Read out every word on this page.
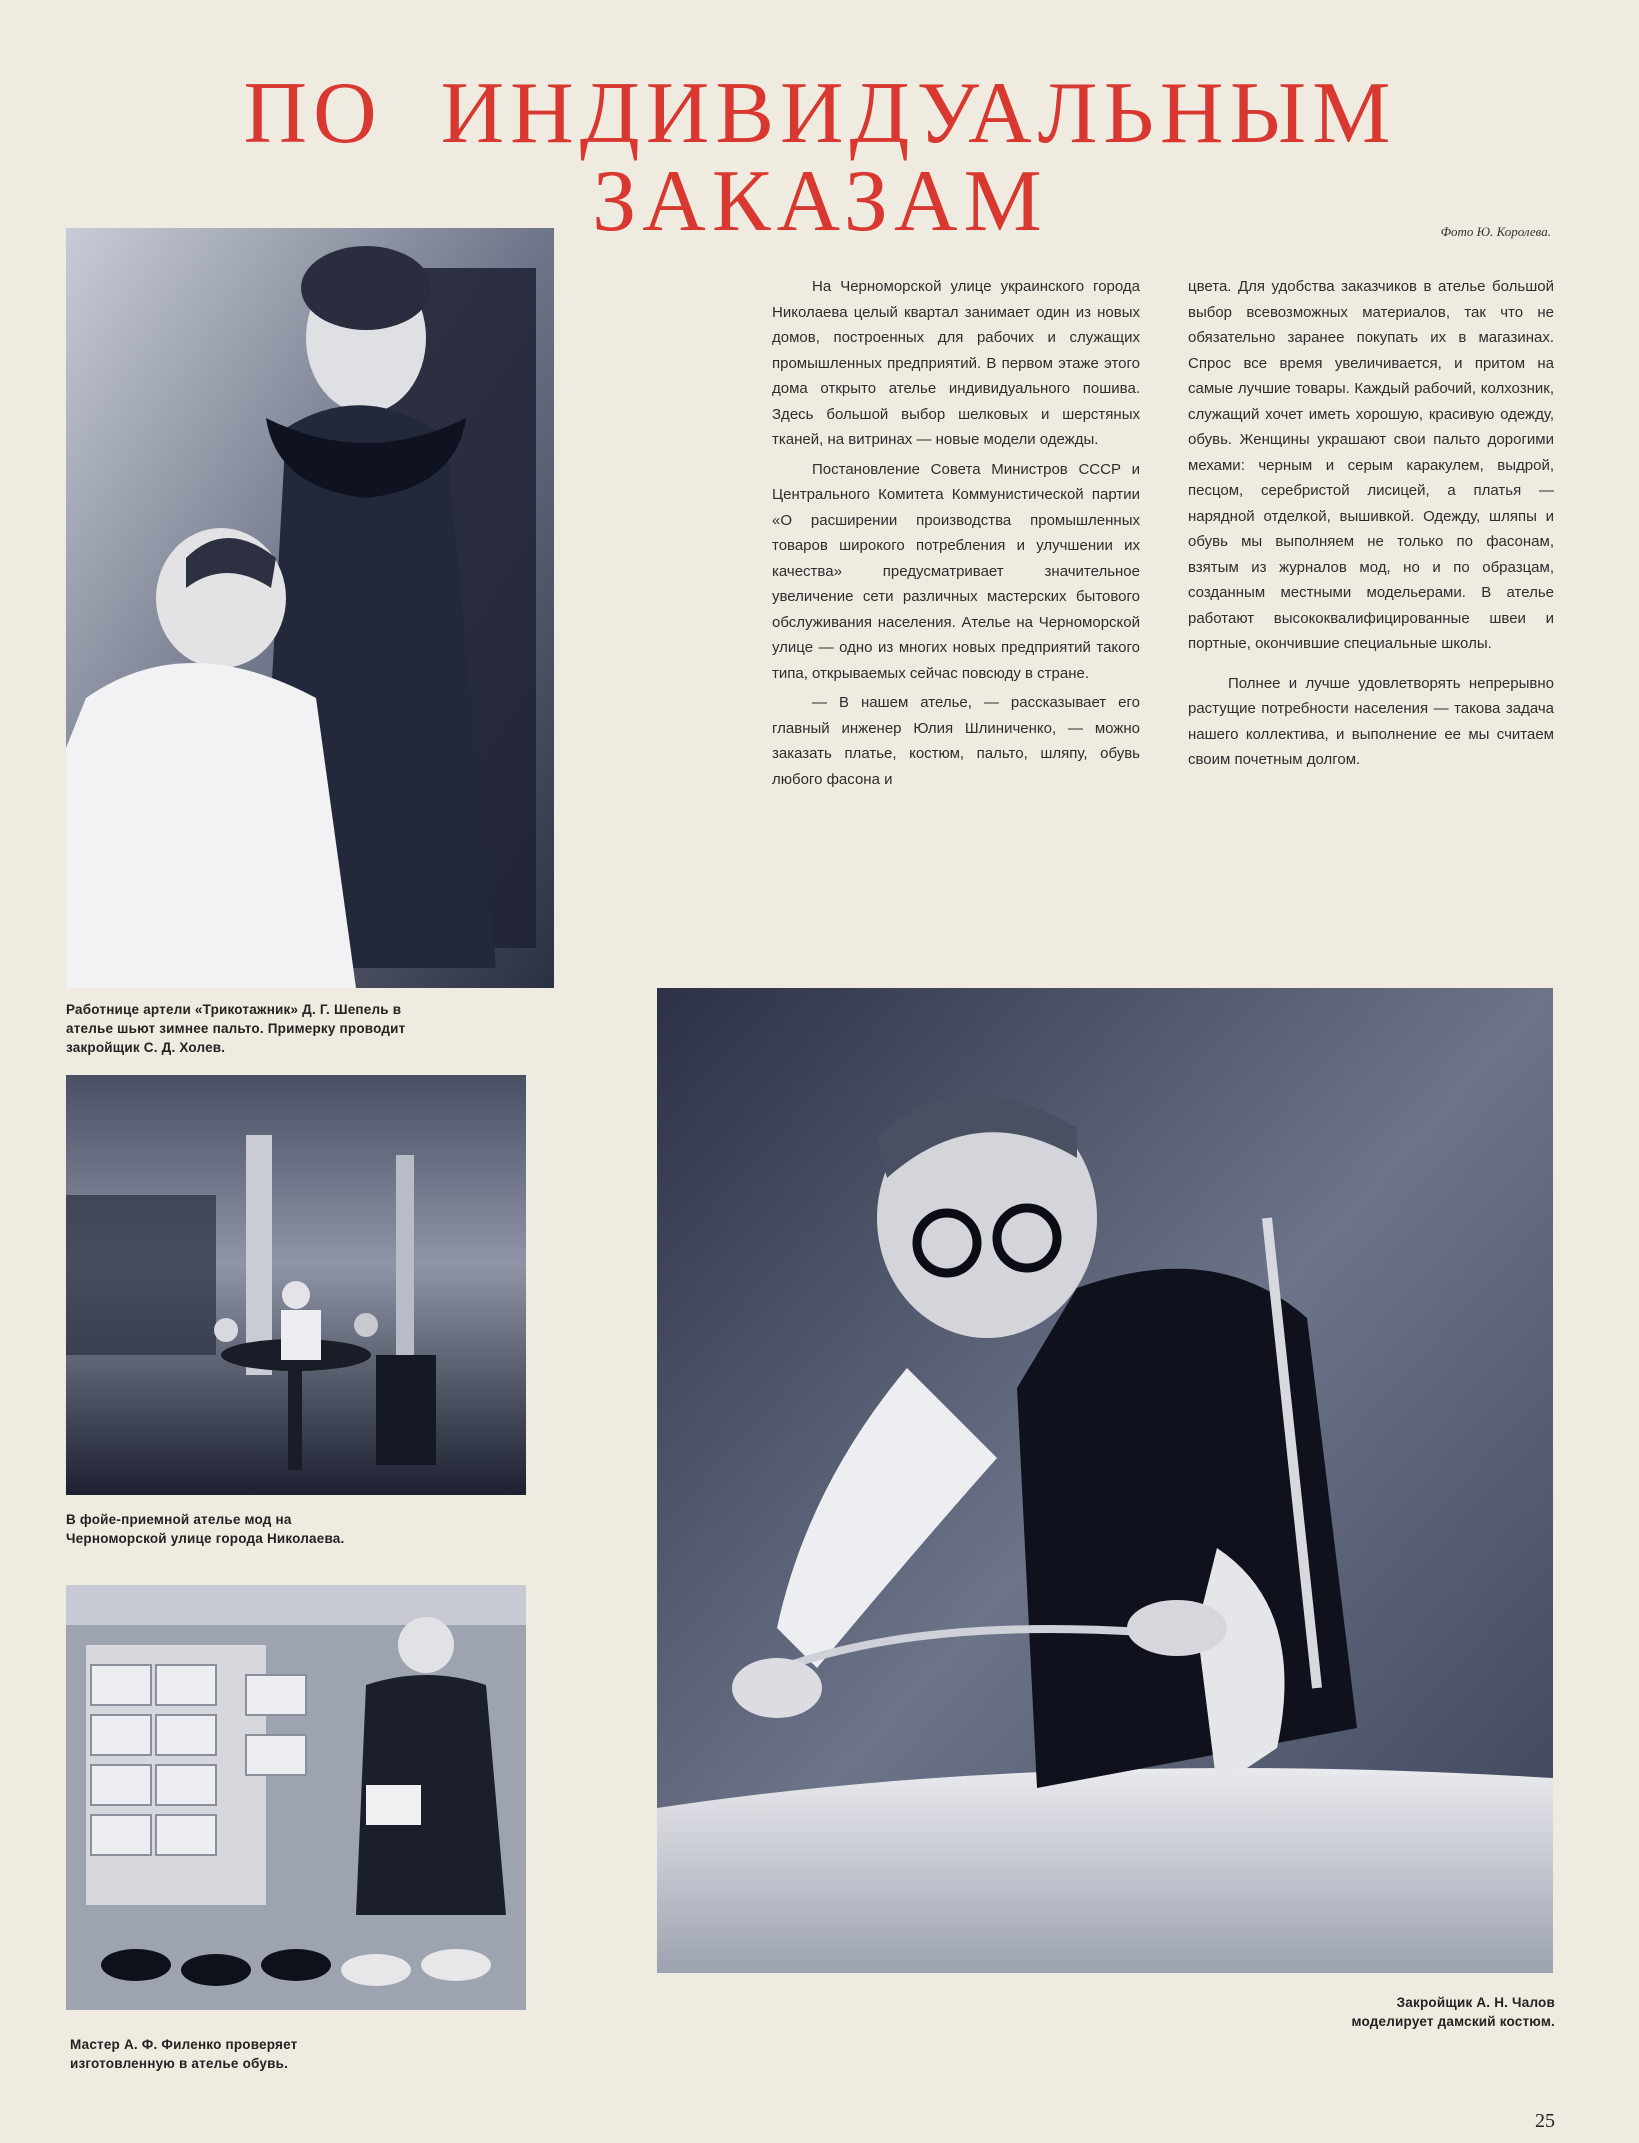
ПО ИНДИВИДУАЛЬНЫМ ЗАКАЗАМ	Фото Ю. Королева.
Работнице артели «Трикотажник» Д. Г. Шепель в ателье шьют зимнее пальто. Примерку проводит закройщик С. Д. Холев.
В фойе-приемной ателье мод на Черноморской улице города Николаева.
Мастер А. Ф. Филенко проверяет изготовленную в ателье обувь.
Закройщик А. Н. Чалов моделирует дамский костюм.

На Черноморской улице украинского города Николаева целый квартал занимает один из новых домов, построенных для рабочих и служащих промышленных предприятий. В первом этаже этого дома открыто ателье индивидуального пошива. Здесь большой выбор шелковых и шерстяных тканей, на витринах — новые модели одежды.

Постановление Совета Министров СССР и Центрального Комитета Коммунистической партии «О расширении производства промышленных товаров широкого потребления и улучшении их качества» предусматривает значительное увеличение сети различных мастерских бытового обслуживания населения. Ателье на Черноморской улице — одно из многих новых предприятий такого типа, открываемых сейчас повсюду в стране.

— В нашем ателье, — рассказывает его главный инженер Юлия Шлиниченко, — можно заказать платье, костюм, пальто, шляпу, обувь любого фасона и

цвета. Для удобства заказчиков в ателье большой выбор всевозможных материалов, так что не обязательно заранее покупать их в магазинах. Спрос все время увеличивается, и притом на самые лучшие товары. Каждый рабочий, колхозник, служащий хочет иметь хорошую, красивую одежду, обувь. Женщины украшают свои пальто дорогими мехами: черным и серым каракулем, выдрой, песцом, серебристой лисицей, а платья — нарядной отделкой, вышивкой. Одежду, шляпы и обувь мы выполняем не только по фасонам, взятым из журналов мод, но и по образцам, созданным местными модельерами. В ателье работают высококвалифицированные швеи и портные, окончившие специальные школы.

Полнее и лучше удовлетворять непрерывно растущие потребности населения — такова задача нашего коллектива, и выполнение ее мы считаем своим почетным долгом.

25
